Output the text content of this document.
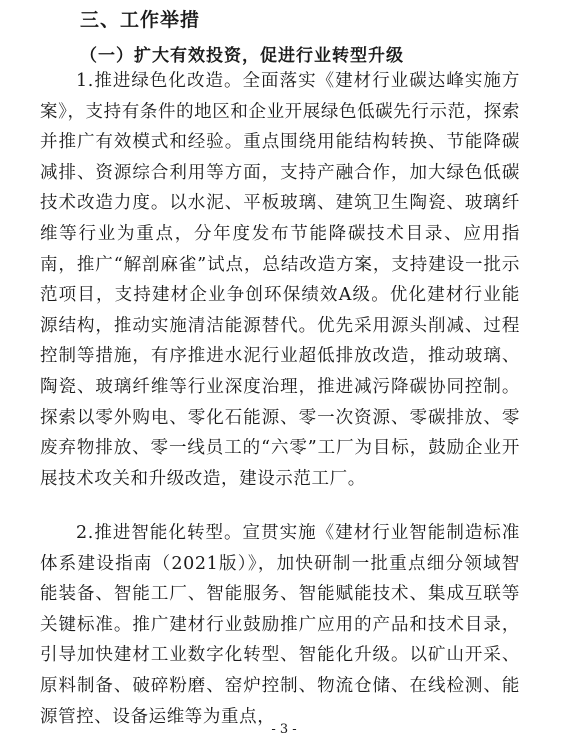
三、工作举措
（一）扩大有效投资，促进行业转型升级

1.推进绿色化改造。全面落实《建材行业碳达峰实施方案》，支持有条件的地区和企业开展绿色低碳先行示范，探索并推广有效模式和经验。重点围绕用能结构转换、节能降碳减排、资源综合利用等方面，支持产融合作，加大绿色低碳技术改造力度。以水泥、平板玻璃、建筑卫生陶瓷、玻璃纤维等行业为重点，分年度发布节能降碳技术目录、应用指南，推广“解剖麻雀”试点，总结改造方案，支持建设一批示范项目，支持建材企业争创环保绩效A级。优化建材行业能源结构，推动实施清洁能源替代。优先采用源头削减、过程控制等措施，有序推进水泥行业超低排放改造，推动玻璃、陶瓷、玻璃纤维等行业深度治理，推进减污降碳协同控制。探索以零外购电、零化石能源、零一次资源、零碳排放、零废弃物排放、零一线员工的“六零”工厂为目标，鼓励企业开展技术攻关和升级改造，建设示范工厂。

2.推进智能化转型。宣贯实施《建材行业智能制造标准体系建设指南（2021版）》，加快研制一批重点细分领域智能装备、智能工厂、智能服务、智能赋能技术、集成互联等关键标准。推广建材行业鼓励推广应用的产品和技术目录，引导加快建材工业数字化转型、智能化升级。以矿山开采、原料制备、破碎粉磨、窑炉控制、物流仓储、在线检测、能源管控、设备运维等为重点，

- 3 -
